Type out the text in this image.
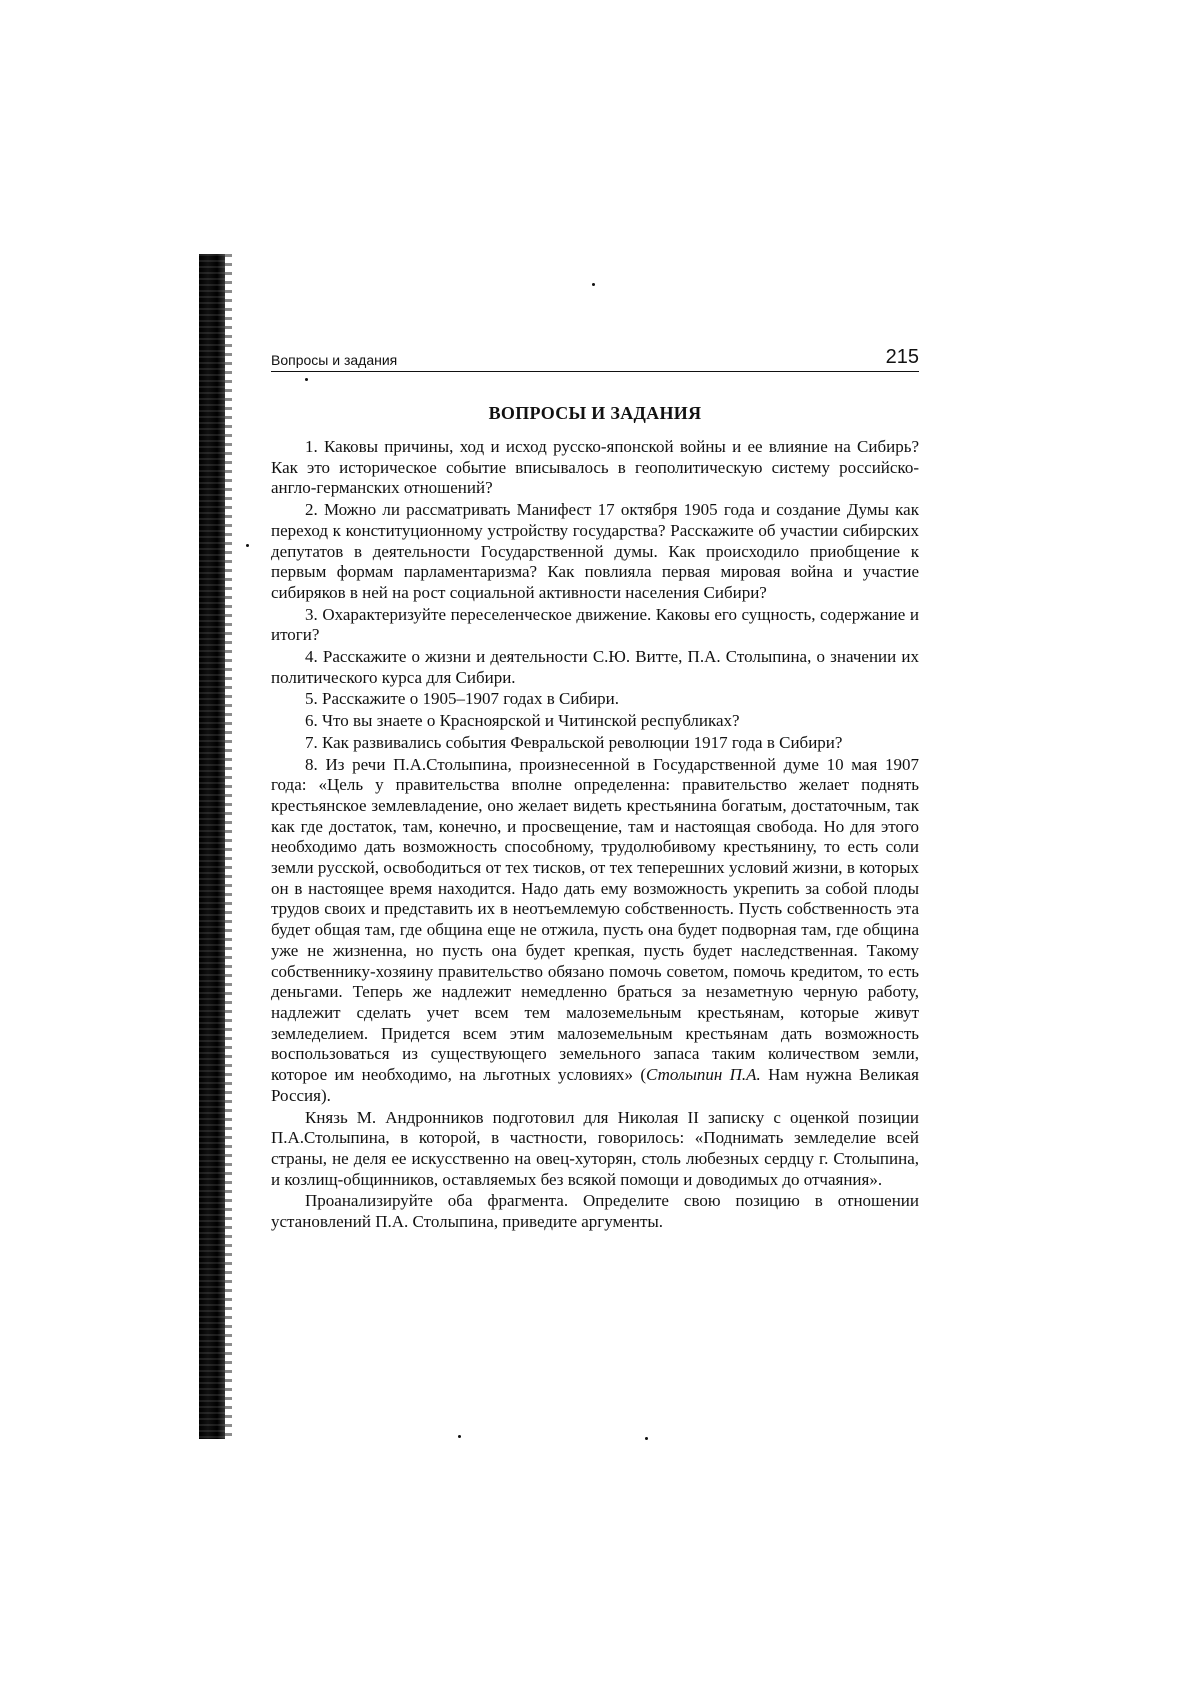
Вопросы и задания	215
ВОПРОСЫ И ЗАДАНИЯ

1. Каковы причины, ход и исход русско-японской войны и ее влияние на Сибирь? Как это историческое событие вписывалось в геополитическую систему российско-англо-германских отношений?

2. Можно ли рассматривать Манифест 17 октября 1905 года и создание Думы как переход к конституционному устройству государства? Расскажите об участии сибирских депутатов в деятельности Государственной думы. Как происходило приобщение к первым формам парламентаризма? Как повлияла первая мировая война и участие сибиряков в ней на рост социальной активности населения Сибири?

3. Охарактеризуйте переселенческое движение. Каковы его сущность, содержание и итоги?

4. Расскажите о жизни и деятельности С.Ю. Витте, П.А. Столыпина, о значении их политического курса для Сибири.

5. Расскажите о 1905–1907 годах в Сибири.

6. Что вы знаете о Красноярской и Читинской республиках?

7. Как развивались события Февральской революции 1917 года в Сибири?

8. Из речи П.А.Столыпина, произнесенной в Государственной думе 10 мая 1907 года: «Цель у правительства вполне определенна: правительство желает поднять крестьянское землевладение, оно желает видеть крестьянина богатым, достаточным, так как где достаток, там, конечно, и просвещение, там и настоящая свобода. Но для этого необходимо дать возможность способному, трудолюбивому крестьянину, то есть соли земли русской, освободиться от тех тисков, от тех теперешних условий жизни, в которых он в настоящее время находится. Надо дать ему возможность укрепить за собой плоды трудов своих и представить их в неотъемлемую собственность. Пусть собственность эта будет общая там, где община еще не отжила, пусть она будет подворная там, где община уже не жизненна, но пусть она будет крепкая, пусть будет наследственная. Такому собственнику-хозяину правительство обязано помочь советом, помочь кредитом, то есть деньгами. Теперь же надлежит немедленно браться за незаметную черную работу, надлежит сделать учет всем тем малоземельным крестьянам, которые живут земледелием. Придется всем этим малоземельным крестьянам дать возможность воспользоваться из существующего земельного запаса таким количеством земли, которое им необходимо, на льготных условиях» (Столыпин П.А. Нам нужна Великая Россия).

Князь М. Андронников подготовил для Николая II записку с оценкой позиции П.А.Столыпина, в которой, в частности, говорилось: «Поднимать земледелие всей страны, не деля ее искусственно на овец-хуторян, столь любезных сердцу г. Столыпина, и козлищ-общинников, оставляемых без всякой помощи и доводимых до отчаяния».

Проанализируйте оба фрагмента. Определите свою позицию в отношении установлений П.А. Столыпина, приведите аргументы.
